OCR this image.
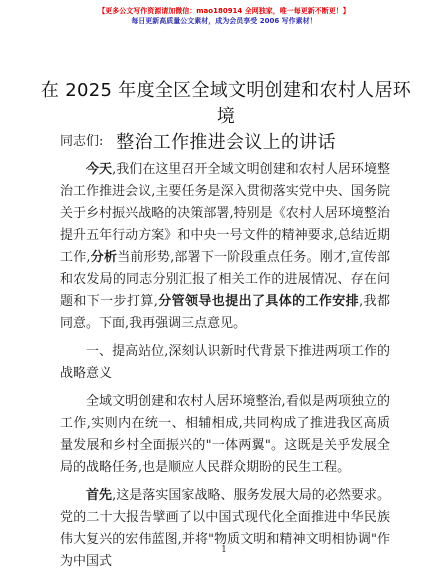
【更多公文写作资源请加微信：mao180914 全网独家，唯一每更新不断更！】
每日更新高质量公文素材，成为会员享受 2006 写作素材！
在 2025 年度全区全域文明创建和农村人居环境
整治工作推进会议上的讲话

同志们:

今天,我们在这里召开全域文明创建和农村人居环境整治工作推进会议,主要任务是深入贯彻落实党中央、国务院关于乡村振兴战略的决策部署,特别是《农村人居环境整治提升五年行动方案》和中央一号文件的精神要求,总结近期工作,分析当前形势,部署下一阶段重点任务。刚才,宣传部和农发局的同志分别汇报了相关工作的进展情况、存在问题和下一步打算,分管领导也提出了具体的工作安排,我都同意。下面,我再强调三点意见。

一、提高站位,深刻认识新时代背景下推进两项工作的战略意义

全域文明创建和农村人居环境整治,看似是两项独立的工作,实则内在统一、相辅相成,共同构成了推进我区高质量发展和乡村全面振兴的"一体两翼"。这既是关乎发展全局的战略任务,也是顺应人民群众期盼的民生工程。

首先,这是落实国家战略、服务发展大局的必然要求。党的二十大报告擘画了以中国式现代化全面推进中华民族伟大复兴的宏伟蓝图,并将"物质文明和精神文明相协调"作为中国式

1
